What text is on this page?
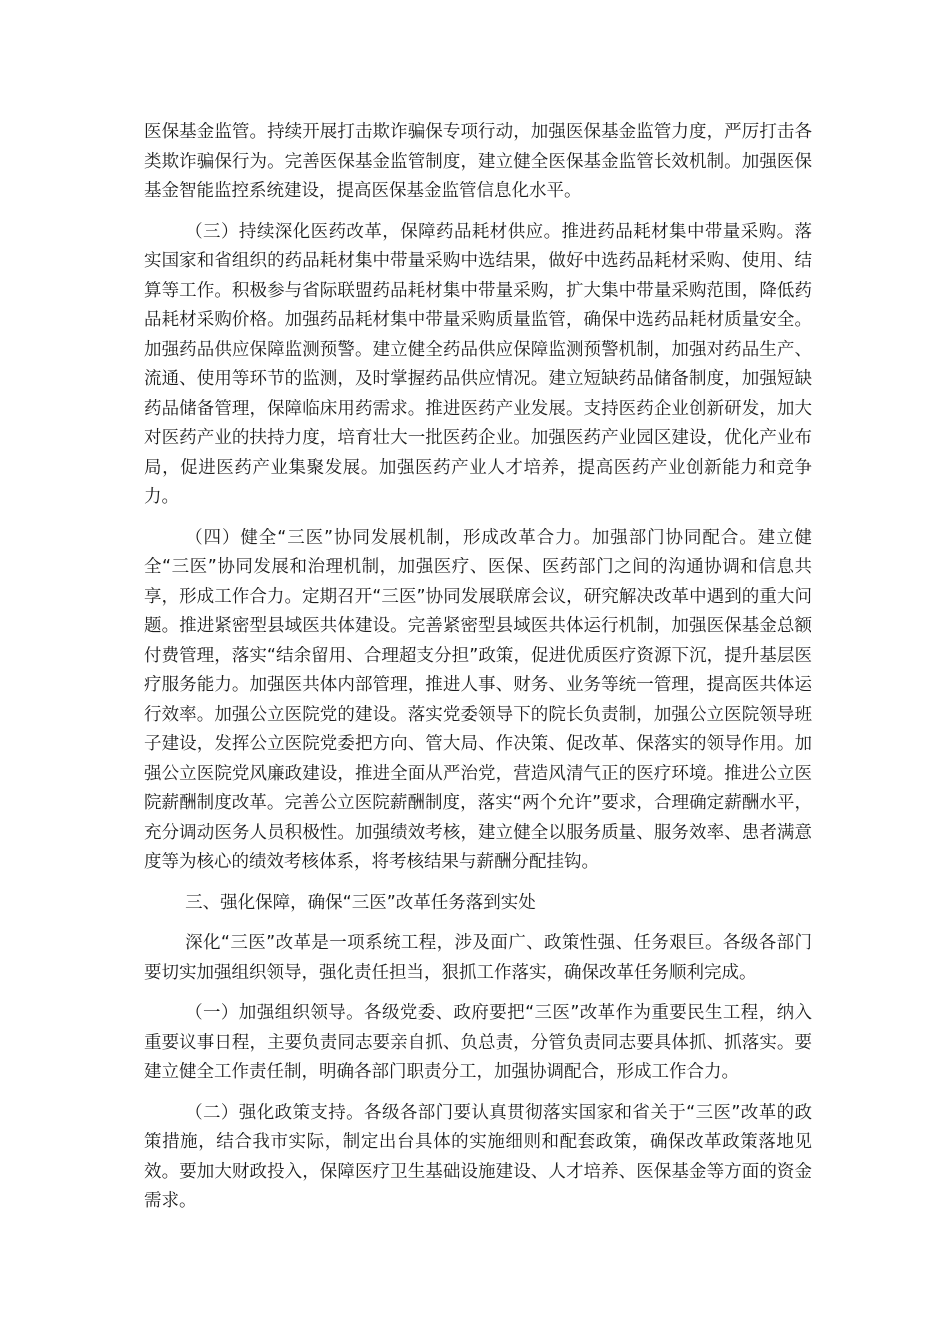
医保基金监管。持续开展打击欺诈骗保专项行动，加强医保基金监管力度，严厉打击各类欺诈骗保行为。完善医保基金监管制度，建立健全医保基金监管长效机制。加强医保基金智能监控系统建设，提高医保基金监管信息化水平。

（三）持续深化医药改革，保障药品耗材供应。推进药品耗材集中带量采购。落实国家和省组织的药品耗材集中带量采购中选结果，做好中选药品耗材采购、使用、结算等工作。积极参与省际联盟药品耗材集中带量采购，扩大集中带量采购范围，降低药品耗材采购价格。加强药品耗材集中带量采购质量监管，确保中选药品耗材质量安全。加强药品供应保障监测预警。建立健全药品供应保障监测预警机制，加强对药品生产、流通、使用等环节的监测，及时掌握药品供应情况。建立短缺药品储备制度，加强短缺药品储备管理，保障临床用药需求。推进医药产业发展。支持医药企业创新研发，加大对医药产业的扶持力度，培育壮大一批医药企业。加强医药产业园区建设，优化产业布局，促进医药产业集聚发展。加强医药产业人才培养，提高医药产业创新能力和竞争力。

（四）健全“三医”协同发展机制，形成改革合力。加强部门协同配合。建立健全“三医”协同发展和治理机制，加强医疗、医保、医药部门之间的沟通协调和信息共享，形成工作合力。定期召开“三医”协同发展联席会议，研究解决改革中遇到的重大问题。推进紧密型县域医共体建设。完善紧密型县域医共体运行机制，加强医保基金总额付费管理，落实“结余留用、合理超支分担”政策，促进优质医疗资源下沉，提升基层医疗服务能力。加强医共体内部管理，推进人事、财务、业务等统一管理，提高医共体运行效率。加强公立医院党的建设。落实党委领导下的院长负责制，加强公立医院领导班子建设，发挥公立医院党委把方向、管大局、作决策、促改革、保落实的领导作用。加强公立医院党风廉政建设，推进全面从严治党，营造风清气正的医疗环境。推进公立医院薪酬制度改革。完善公立医院薪酬制度，落实“两个允许”要求，合理确定薪酬水平，充分调动医务人员积极性。加强绩效考核，建立健全以服务质量、服务效率、患者满意度等为核心的绩效考核体系，将考核结果与薪酬分配挂钩。

三、强化保障，确保“三医”改革任务落到实处

深化“三医”改革是一项系统工程，涉及面广、政策性强、任务艰巨。各级各部门要切实加强组织领导，强化责任担当，狠抓工作落实，确保改革任务顺利完成。

（一）加强组织领导。各级党委、政府要把“三医”改革作为重要民生工程，纳入重要议事日程，主要负责同志要亲自抓、负总责，分管负责同志要具体抓、抓落实。要建立健全工作责任制，明确各部门职责分工，加强协调配合，形成工作合力。

（二）强化政策支持。各级各部门要认真贯彻落实国家和省关于“三医”改革的政策措施，结合我市实际，制定出台具体的实施细则和配套政策，确保改革政策落地见效。要加大财政投入，保障医疗卫生基础设施建设、人才培养、医保基金等方面的资金需求。
